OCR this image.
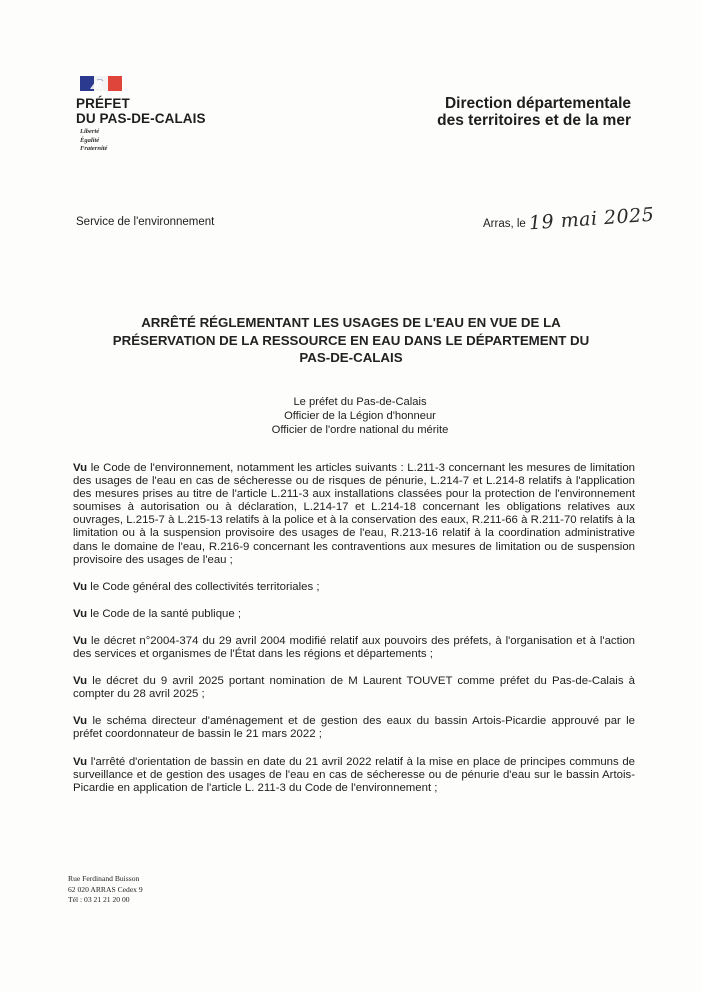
PRÉFET
DU PAS-DE-CALAIS
Liberté
Égalité
Fraternité
Direction départementale
des territoires et de la mer
Service de l'environnement	Arras, le 19 mai 2025
ARRÊTÉ RÉGLEMENTANT LES USAGES DE L'EAU EN VUE DE LA
PRÉSERVATION DE LA RESSOURCE EN EAU DANS LE DÉPARTEMENT DU
PAS-DE-CALAIS
Le préfet du Pas-de-Calais
Officier de la Légion d'honneur
Officier de l'ordre national du mérite

Vu le Code de l'environnement, notamment les articles suivants : L.211-3 concernant les mesures de limitation des usages de l'eau en cas de sécheresse ou de risques de pénurie, L.214-7 et L.214-8 relatifs à l'application des mesures prises au titre de l'article L.211-3 aux installations classées pour la protection de l'environnement soumises à autorisation ou à déclaration, L.214-17 et L.214-18 concernant les obligations relatives aux ouvrages, L.215-7 à L.215-13 relatifs à la police et à la conservation des eaux, R.211-66 à R.211-70 relatifs à la limitation ou à la suspension provisoire des usages de l'eau, R.213-16 relatif à la coordination administrative dans le domaine de l'eau, R.216-9 concernant les contraventions aux mesures de limitation ou de suspension provisoire des usages de l'eau ;

Vu le Code général des collectivités territoriales ;

Vu le Code de la santé publique ;

Vu le décret n°2004-374 du 29 avril 2004 modifié relatif aux pouvoirs des préfets, à l'organisation et à l'action des services et organismes de l'État dans les régions et départements ;

Vu le décret du 9 avril 2025 portant nomination de M Laurent TOUVET comme préfet du Pas-de-Calais à compter du 28 avril 2025 ;

Vu le schéma directeur d'aménagement et de gestion des eaux du bassin Artois-Picardie approuvé par le préfet coordonnateur de bassin le 21 mars 2022 ;

Vu l'arrêté d'orientation de bassin en date du 21 avril 2022 relatif à la mise en place de principes communs de surveillance et de gestion des usages de l'eau en cas de sécheresse ou de pénurie d'eau sur le bassin Artois-Picardie en application de l'article L. 211-3 du Code de l'environnement ;

Rue Ferdinand Buisson
62 020 ARRAS Cedex 9
Tél : 03 21 21 20 00
